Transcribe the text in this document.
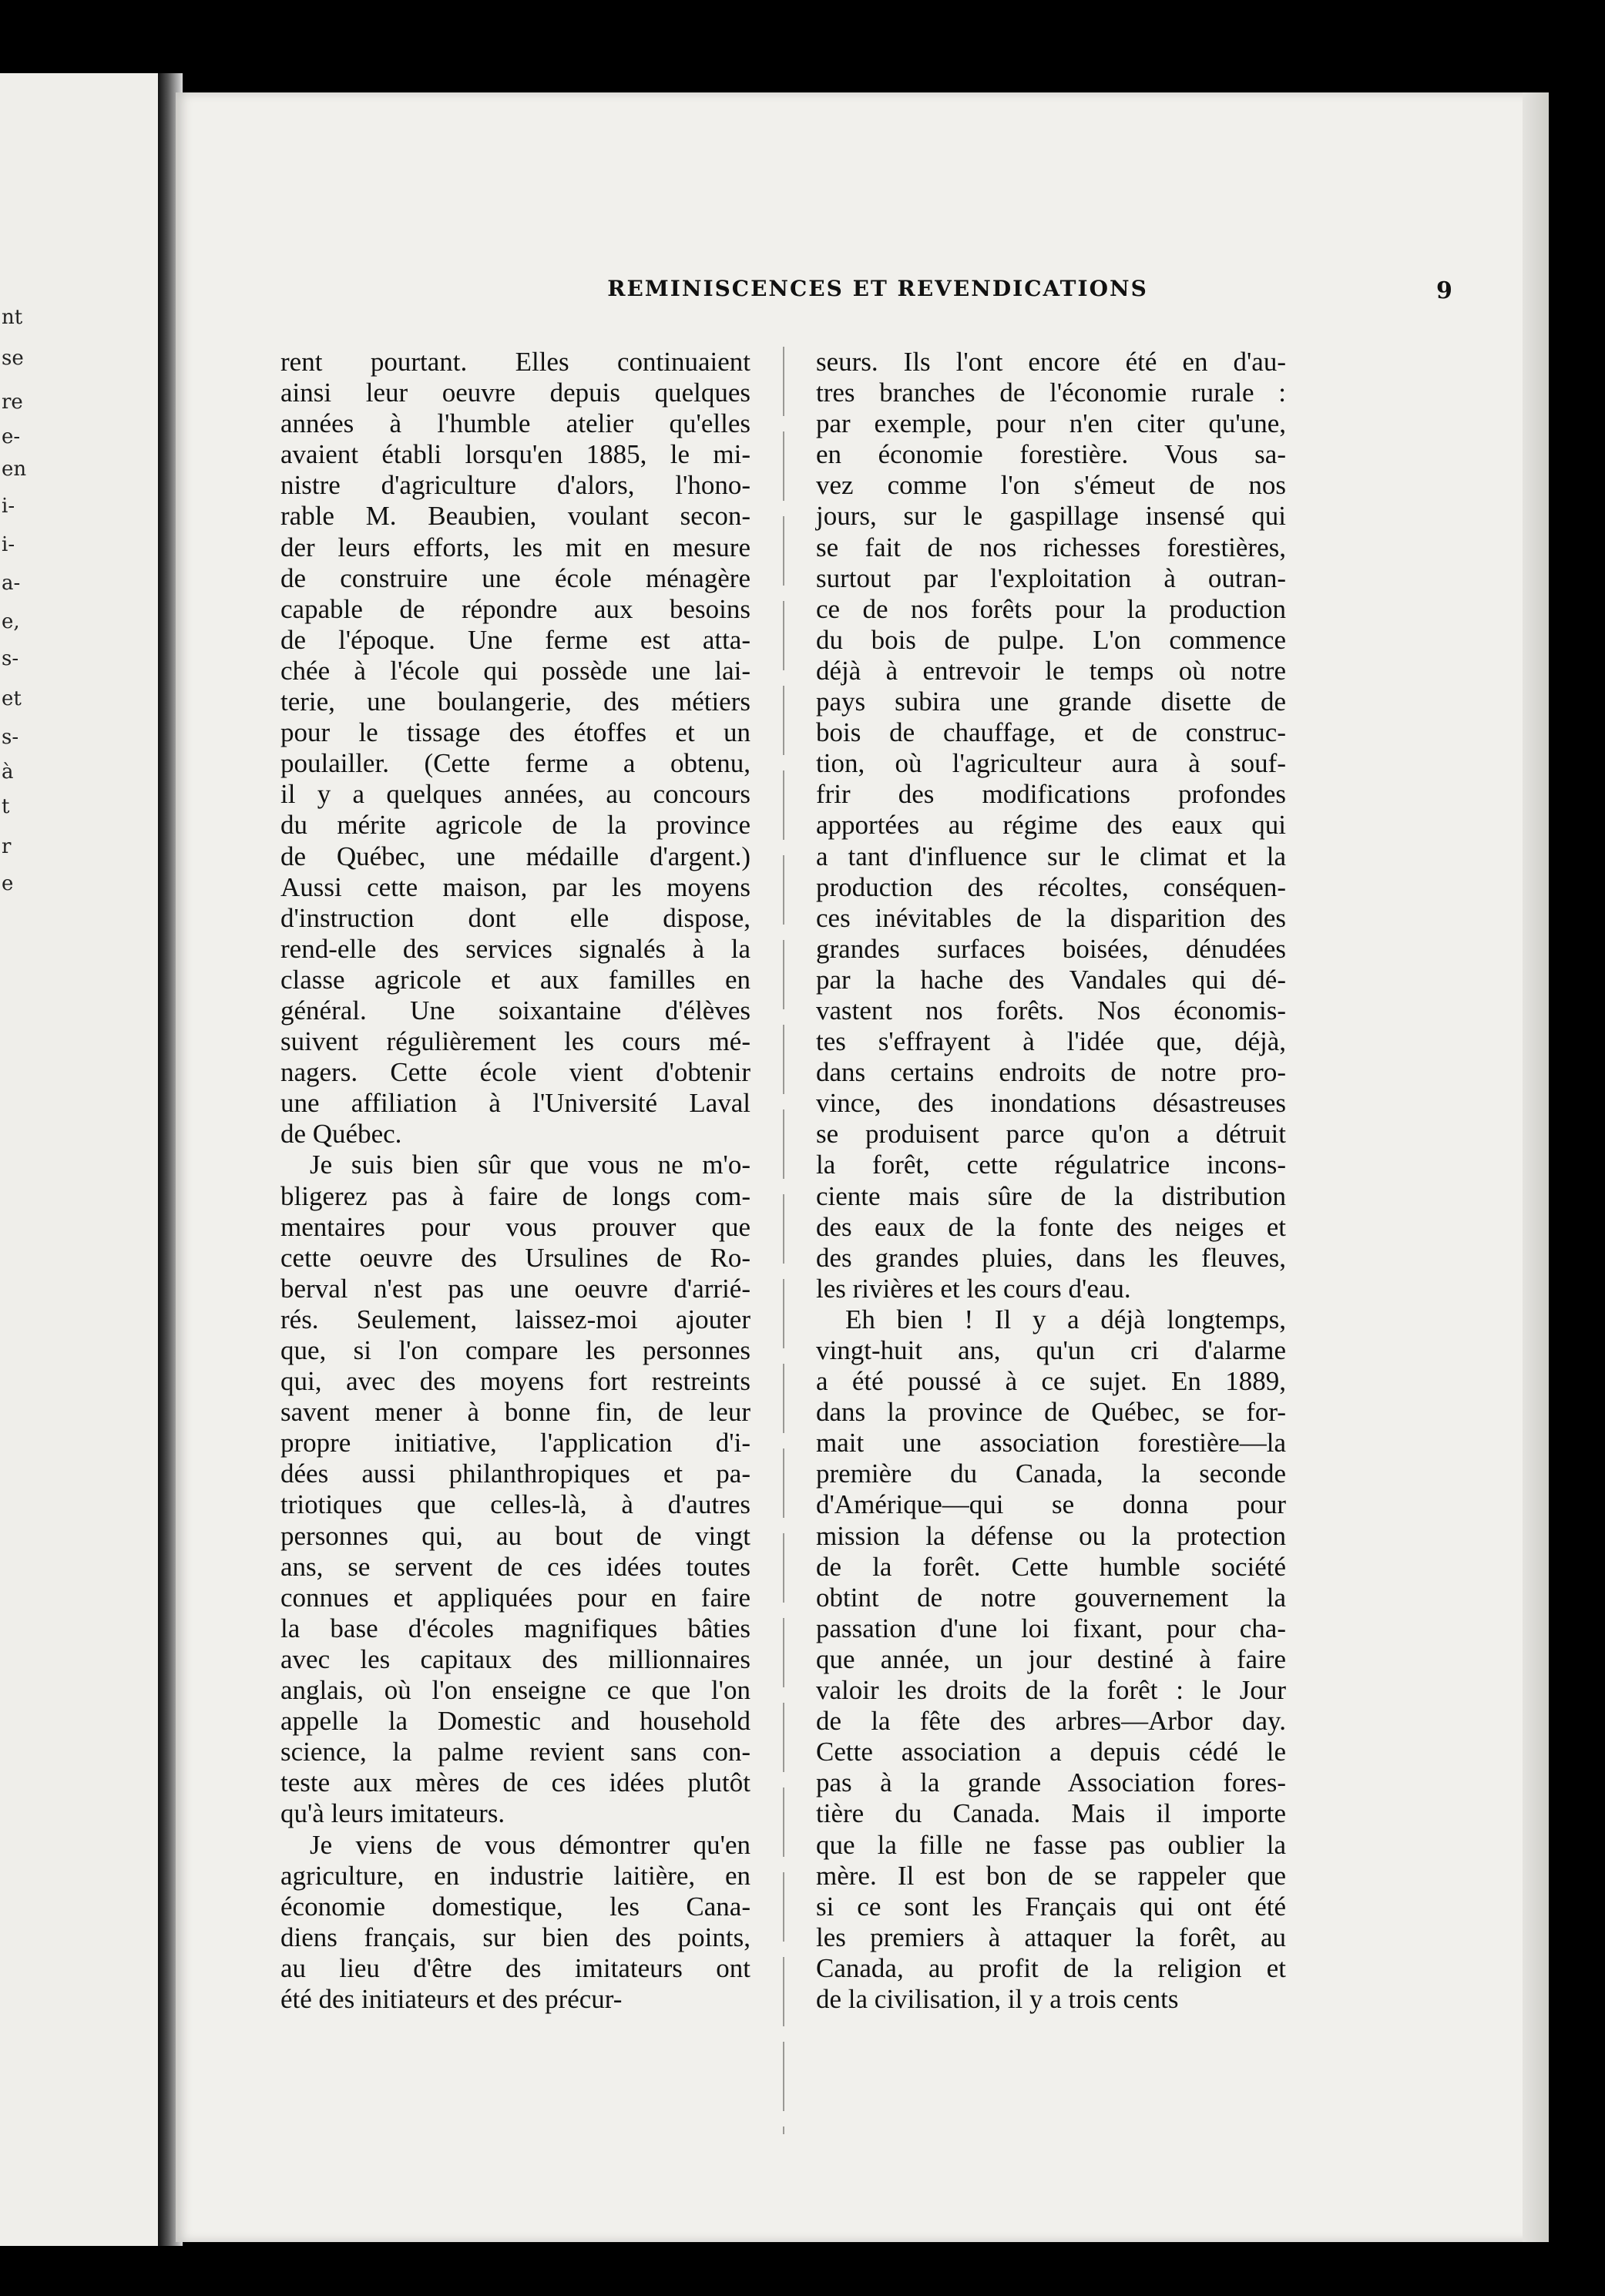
nt
se
re
e-
en
i-
i-
a-
e,
s-
et
s-
à
t
r
e
REMINISCENCES ET REVENDICATIONS	9
rent pourtant. Elles continuaient
ainsi leur oeuvre depuis quelques
années à l'humble atelier qu'elles
avaient établi lorsqu'en 1885, le mi-
nistre d'agriculture d'alors, l'hono-
rable M. Beaubien, voulant secon-
der leurs efforts, les mit en mesure
de construire une école ménagère
capable de répondre aux besoins
de l'époque. Une ferme est atta-
chée à l'école qui possède une lai-
terie, une boulangerie, des métiers
pour le tissage des étoffes et un
poulailler. (Cette ferme a obtenu,
il y a quelques années, au concours
du mérite agricole de la province
de Québec, une médaille d'argent.)
Aussi cette maison, par les moyens
d'instruction dont elle dispose,
rend-elle des services signalés à la
classe agricole et aux familles en
général. Une soixantaine d'élèves
suivent régulièrement les cours mé-
nagers. Cette école vient d'obtenir
une affiliation à l'Université Laval
de Québec.
Je suis bien sûr que vous ne m'o-
bligerez pas à faire de longs com-
mentaires pour vous prouver que
cette oeuvre des Ursulines de Ro-
berval n'est pas une oeuvre d'arrié-
rés. Seulement, laissez-moi ajouter
que, si l'on compare les personnes
qui, avec des moyens fort restreints
savent mener à bonne fin, de leur
propre initiative, l'application d'i-
dées aussi philanthropiques et pa-
triotiques que celles-là, à d'autres
personnes qui, au bout de vingt
ans, se servent de ces idées toutes
connues et appliquées pour en faire
la base d'écoles magnifiques bâties
avec les capitaux des millionnaires
anglais, où l'on enseigne ce que l'on
appelle la Domestic and household
science, la palme revient sans con-
teste aux mères de ces idées plutôt
qu'à leurs imitateurs.
Je viens de vous démontrer qu'en
agriculture, en industrie laitière, en
économie domestique, les Cana-
diens français, sur bien des points,
au lieu d'être des imitateurs ont
été des initiateurs et des précur-
seurs. Ils l'ont encore été en d'au-
tres branches de l'économie rurale :
par exemple, pour n'en citer qu'une,
en économie forestière. Vous sa-
vez comme l'on s'émeut de nos
jours, sur le gaspillage insensé qui
se fait de nos richesses forestières,
surtout par l'exploitation à outran-
ce de nos forêts pour la production
du bois de pulpe. L'on commence
déjà à entrevoir le temps où notre
pays subira une grande disette de
bois de chauffage, et de construc-
tion, où l'agriculteur aura à souf-
frir des modifications profondes
apportées au régime des eaux qui
a tant d'influence sur le climat et la
production des récoltes, conséquen-
ces inévitables de la disparition des
grandes surfaces boisées, dénudées
par la hache des Vandales qui dé-
vastent nos forêts. Nos économis-
tes s'effrayent à l'idée que, déjà,
dans certains endroits de notre pro-
vince, des inondations désastreuses
se produisent parce qu'on a détruit
la forêt, cette régulatrice incons-
ciente mais sûre de la distribution
des eaux de la fonte des neiges et
des grandes pluies, dans les fleuves,
les rivières et les cours d'eau.
Eh bien ! Il y a déjà longtemps,
vingt-huit ans, qu'un cri d'alarme
a été poussé à ce sujet. En 1889,
dans la province de Québec, se for-
mait une association forestière—la
première du Canada, la seconde
d'Amérique—qui se donna pour
mission la défense ou la protection
de la forêt. Cette humble société
obtint de notre gouvernement la
passation d'une loi fixant, pour cha-
que année, un jour destiné à faire
valoir les droits de la forêt : le Jour
de la fête des arbres—Arbor day.
Cette association a depuis cédé le
pas à la grande Association fores-
tière du Canada. Mais il importe
que la fille ne fasse pas oublier la
mère. Il est bon de se rappeler que
si ce sont les Français qui ont été
les premiers à attaquer la forêt, au
Canada, au profit de la religion et
de la civilisation, il y a trois cents
